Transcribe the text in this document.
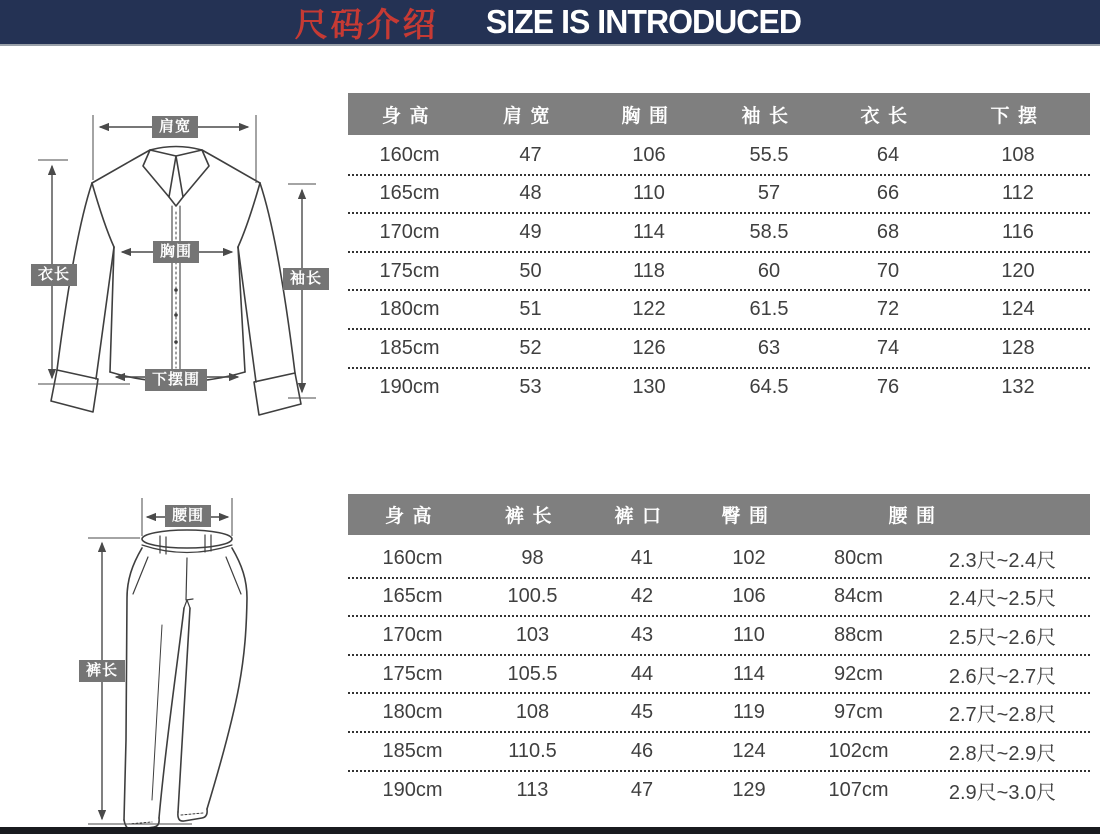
尺码介绍 SIZE IS INTRODUCED
肩宽
胸围
衣长	袖长
下摆围
腰围
裤长
身高	肩宽	胸围	袖长	衣长	下摆
160cm	47	106	55.5	64	108
165cm	48	110	57	66	112
170cm	49	114	58.5	68	116
175cm	50	118	60	70	120
180cm	51	122	61.5	72	124
185cm	52	126	63	74	128
190cm	53	130	64.5	76	132
身高	裤长	裤口	臀围	腰围
160cm	98	41	102	80cm	2.3尺~2.4尺
165cm	100.5	42	106	84cm	2.4尺~2.5尺
170cm	103	43	110	88cm	2.5尺~2.6尺
175cm	105.5	44	114	92cm	2.6尺~2.7尺
180cm	108	45	119	97cm	2.7尺~2.8尺
185cm	110.5	46	124	102cm	2.8尺~2.9尺
190cm	113	47	129	107cm	2.9尺~3.0尺
